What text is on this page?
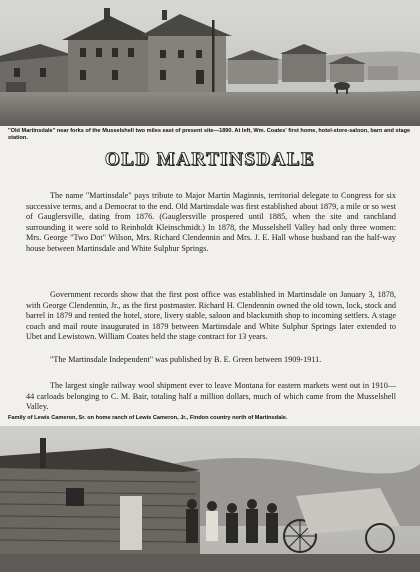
"Old Martinsdale" near forks of the Musselshell two miles east of present site—1890. At left, Wm. Coates' first home, hotel-store-saloon, barn and stage station.
OLD MARTINSDALE

The name "Martinsdale" pays tribute to Major Martin Maginnis, territorial delegate to Congress for six successive terms, and a Democrat to the end. Old Martinsdale was first established about 1879, a mile or so west of Gauglersville, dating from 1876. (Gauglersville prospered until 1885, when the site and ranchland surrounding it were sold to Reinholdt Kleinschmidt.) In 1878, the Musselshell Valley had only three women: Mrs. George "Two Dot" Wilson, Mrs. Richard Clendennin and Mrs. J. E. Hall whose husband ran the half-way house between Martinsdale and White Sulphur Springs.

Government records show that the first post office was established in Martinsdale on January 3, 1878, with George Clendennin, Jr., as the first postmaster. Richard H. Clendennin owned the old town, lock, stock and barrel in 1879 and rented the hotel, store, livery stable, saloon and blacksmith shop to incoming settlers. A stage coach and mail route inaugurated in 1879 between Martinsdale and White Sulphur Springs later extended to Ubet and Lewistown. William Coates held the stage contract for 13 years.

"The Martinsdale Independent" was published by B. E. Green between 1909-1911.

The largest single railway wool shipment ever to leave Montana for eastern markets went out in 1910—44 carloads belonging to C. M. Bair, totaling half a million dollars, much of which came from the Musselshell Valley.

Family of Lewis Cameron, Sr. on home ranch of Lewis Cameron, Jr., Findon country north of Martinsdale.
